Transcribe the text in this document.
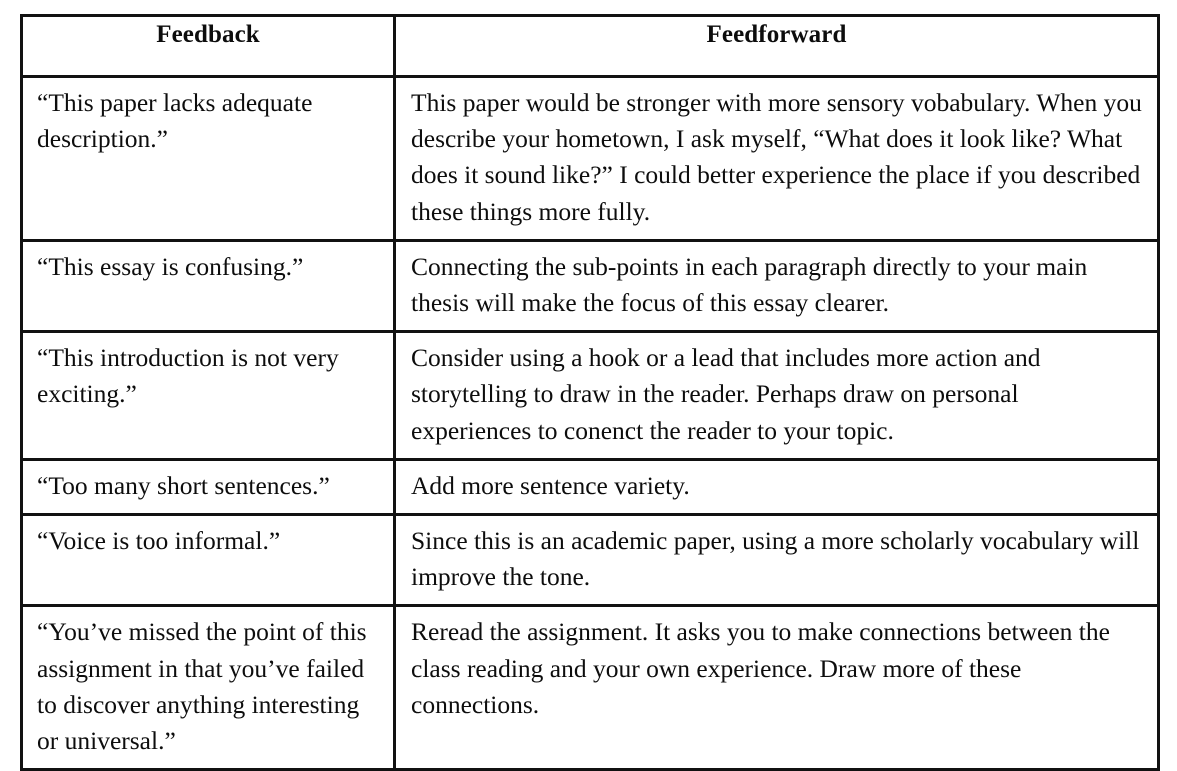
Feedback	Feedforward

“This paper lacks adequate description.”	This paper would be stronger with more sensory vobabulary. When you describe your hometown, I ask myself, “What does it look like? What does it sound like?” I could better experience the place if you described these things more fully.

“This essay is confusing.”	Connecting the sub-points in each paragraph directly to your main thesis will make the focus of this essay clearer.

“This introduction is not very exciting.”	Consider using a hook or a lead that includes more action and storytelling to draw in the reader. Perhaps draw on personal experiences to conenct the reader to your topic.

“Too many short sentences.”	Add more sentence variety.

“Voice is too informal.”	Since this is an academic paper, using a more scholarly vocabulary will improve the tone.

“You’ve missed the point of this assignment in that you’ve failed to discover anything interesting or universal.”	Reread the assignment. It asks you to make connections between the class reading and your own experience. Draw more of these connections.
